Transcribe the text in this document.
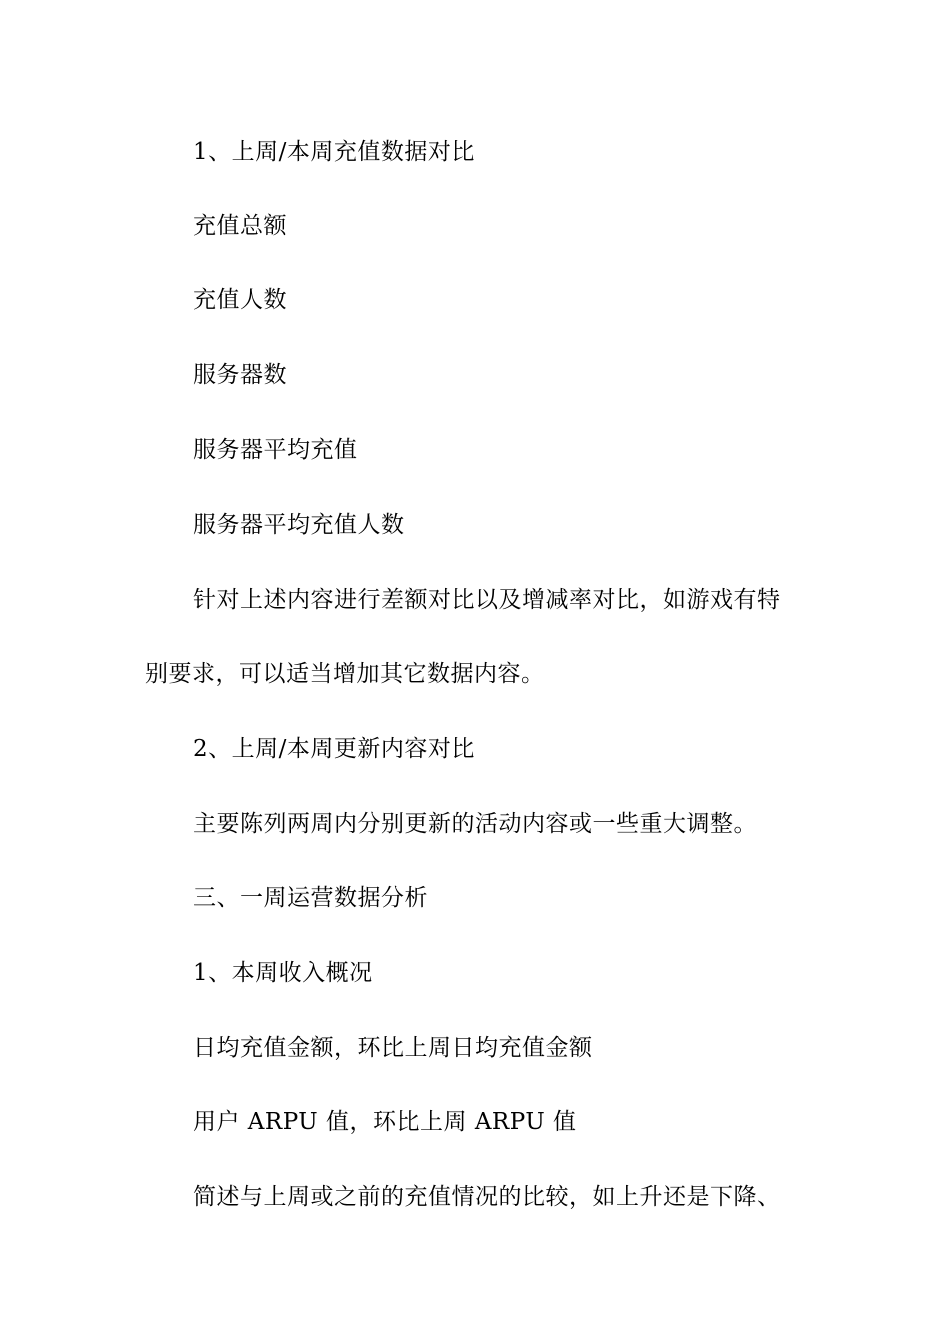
1、上周/本周充值数据对比
充值总额
充值人数
服务器数
服务器平均充值
服务器平均充值人数
针对上述内容进行差额对比以及增减率对比，如游戏有特
别要求，可以适当增加其它数据内容。
2、上周/本周更新内容对比
主要陈列两周内分别更新的活动内容或一些重大调整。
三、一周运营数据分析
1、本周收入概况
日均充值金额，环比上周日均充值金额
用户 ARPU 值，环比上周 ARPU 值
简述与上周或之前的充值情况的比较，如上升还是下降、
